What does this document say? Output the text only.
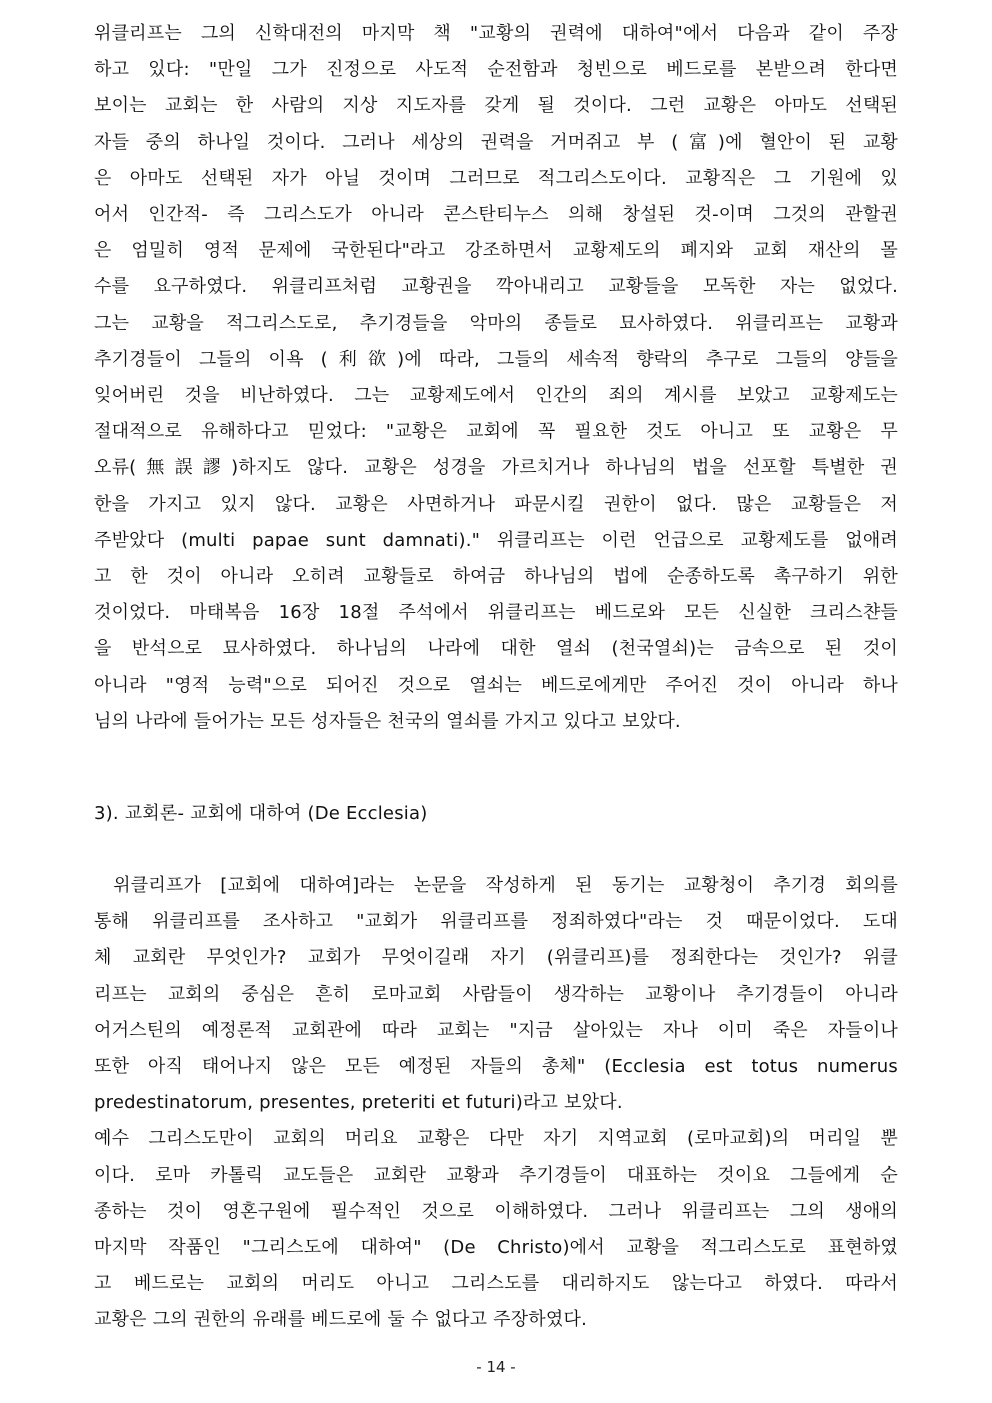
위클리프는 그의 신학대전의 마지막 책 "교황의 권력에 대하여"에서 다음과 같이 주장
하고 있다: "만일 그가 진정으로 사도적 순전함과 청빈으로 베드로를 본받으려 한다면
보이는 교회는 한 사람의 지상 지도자를 갖게 될 것이다. 그런 교황은 아마도 선택된
자들 중의 하나일 것이다. 그러나 세상의 권력을 거머쥐고 부 (富)에 혈안이 된 교황
은 아마도 선택된 자가 아닐 것이며 그러므로 적그리스도이다. 교황직은 그 기원에 있
어서 인간적- 즉 그리스도가 아니라 콘스탄티누스 의해 창설된 것-이며 그것의 관할권
은 엄밀히 영적 문제에 국한된다"라고 강조하면서 교황제도의 폐지와 교회 재산의 몰
수를 요구하였다. 위클리프처럼 교황권을 깍아내리고 교황들을 모독한 자는 없었다.
그는 교황을 적그리스도로, 추기경들을 악마의 종들로 묘사하였다. 위클리프는 교황과
추기경들이 그들의 이욕 (利欲)에 따라, 그들의 세속적 향락의 추구로 그들의 양들을
잊어버린 것을 비난하였다. 그는 교황제도에서 인간의 죄의 계시를 보았고 교황제도는
절대적으로 유해하다고 믿었다: "교황은 교회에 꼭 필요한 것도 아니고 또 교황은 무
오류(無誤謬)하지도 않다. 교황은 성경을 가르치거나 하나님의 법을 선포할 특별한 권
한을 가지고 있지 않다. 교황은 사면하거나 파문시킬 권한이 없다. 많은 교황들은 저
주받았다 (multi papae sunt damnati)." 위클리프는 이런 언급으로 교황제도를 없애려
고 한 것이 아니라 오히려 교황들로 하여금 하나님의 법에 순종하도록 촉구하기 위한
것이었다. 마태복음 16장 18절 주석에서 위클리프는 베드로와 모든 신실한 크리스챤들
을 반석으로 묘사하였다. 하나님의 나라에 대한 열쇠 (천국열쇠)는 금속으로 된 것이
아니라 "영적 능력"으로 되어진 것으로 열쇠는 베드로에게만 주어진 것이 아니라 하나
님의 나라에 들어가는 모든 성자들은 천국의 열쇠를 가지고 있다고 보았다.
3). 교회론- 교회에 대하여 (De Ecclesia)
위클리프가 [교회에 대하여]라는 논문을 작성하게 된 동기는 교황청이 추기경 회의를
통해 위클리프를 조사하고 "교회가 위클리프를 정죄하였다"라는 것 때문이었다. 도대
체 교회란 무엇인가? 교회가 무엇이길래 자기 (위클리프)를 정죄한다는 것인가? 위클
리프는 교회의 중심은 흔히 로마교회 사람들이 생각하는 교황이나 추기경들이 아니라
어거스틴의 예정론적 교회관에 따라 교회는 "지금 살아있는 자나 이미 죽은 자들이나
또한 아직 태어나지 않은 모든 예정된 자들의 총체" (Ecclesia est totus numerus
predestinatorum, presentes, preteriti et futuri)라고 보았다.
예수 그리스도만이 교회의 머리요 교황은 다만 자기 지역교회 (로마교회)의 머리일 뿐
이다. 로마 카톨릭 교도들은 교회란 교황과 추기경들이 대표하는 것이요 그들에게 순
종하는 것이 영혼구원에 필수적인 것으로 이해하였다. 그러나 위클리프는 그의 생애의
마지막 작품인 "그리스도에 대하여" (De Christo)에서 교황을 적그리스도로 표현하였
고 베드로는 교회의 머리도 아니고 그리스도를 대리하지도 않는다고 하였다. 따라서
교황은 그의 권한의 유래를 베드로에 둘 수 없다고 주장하였다.
- 14 -
